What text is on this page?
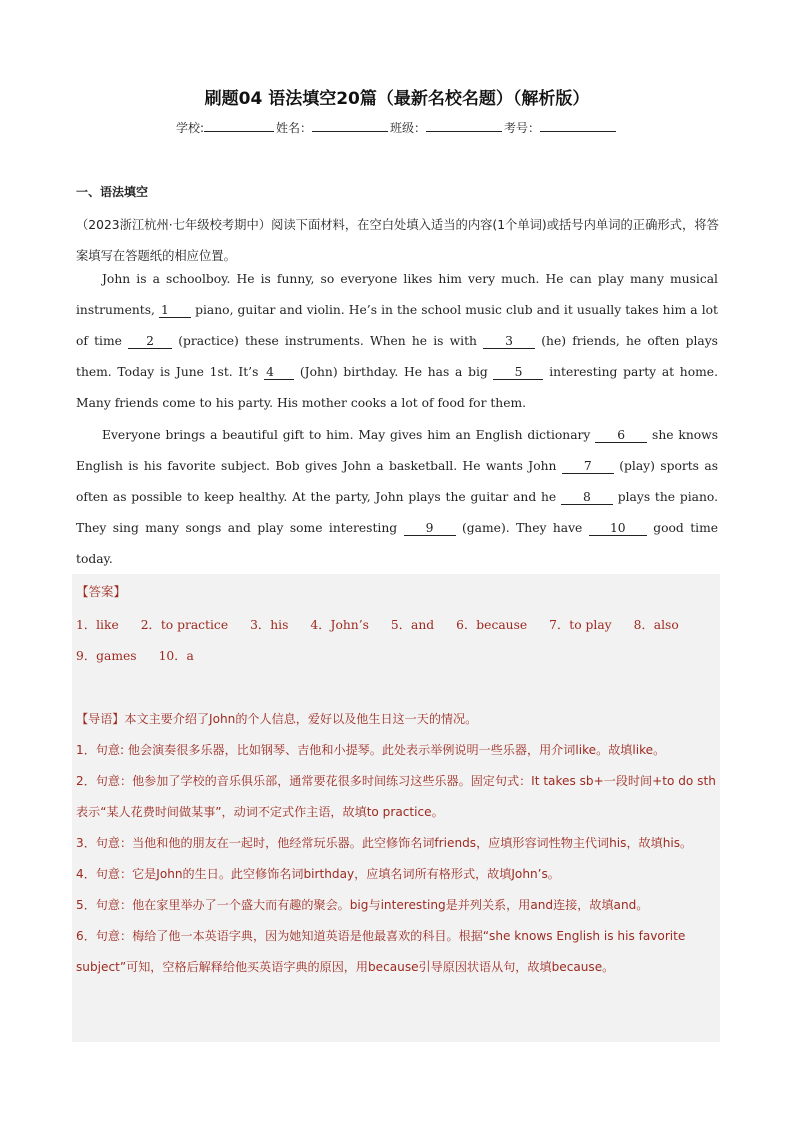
刷题04 语法填空20篇（最新名校名题）（解析版）
学校:	姓名：	班级：	考号：
一、语法填空
（2023浙江杭州·七年级校考期中）阅读下面材料，在空白处填入适当的内容(1个单词)或括号内单词的正确形式，将答案填写在答题纸的相应位置。
John is a schoolboy. He is funny, so everyone likes him very much. He can play many musical instruments, 1 piano, guitar and violin. He’s in the school music club and it usually takes him a lot of time 2 (practice) these instruments. When he is with 3 (he) friends, he often plays them. Today is June 1st. It’s 4 (John) birthday. He has a big 5 interesting party at home. Many friends come to his party. His mother cooks a lot of food for them.
Everyone brings a beautiful gift to him. May gives him an English dictionary 6 she knows English is his favorite subject. Bob gives John a basketball. He wants John 7 (play) sports as often as possible to keep healthy. At the party, John plays the guitar and he 8 plays the piano. They sing many songs and play some interesting 9 (game). They have 10 good time today.
【答案】
1．like 2．to practice 3．his 4．John’s 5．and 6．because 7．to play 8．also
9．games 10．a

【导语】本文主要介绍了John的个人信息，爱好以及他生日这一天的情况。

1．句意: 他会演奏很多乐器，比如钢琴、吉他和小提琴。此处表示举例说明一些乐器，用介词like。故填like。

2．句意：他参加了学校的音乐俱乐部，通常要花很多时间练习这些乐器。固定句式：It takes sb+一段时间+to do sth表示“某人花费时间做某事”，动词不定式作主语，故填to practice。

3．句意：当他和他的朋友在一起时，他经常玩乐器。此空修饰名词friends，应填形容词性物主代词his，故填his。

4．句意：它是John的生日。此空修饰名词birthday，应填名词所有格形式，故填John’s。

5．句意：他在家里举办了一个盛大而有趣的聚会。big与interesting是并列关系，用and连接，故填and。

6．句意：梅给了他一本英语字典，因为她知道英语是他最喜欢的科目。根据“she knows English is his favorite subject”可知，空格后解释给他买英语字典的原因，用because引导原因状语从句，故填because。
